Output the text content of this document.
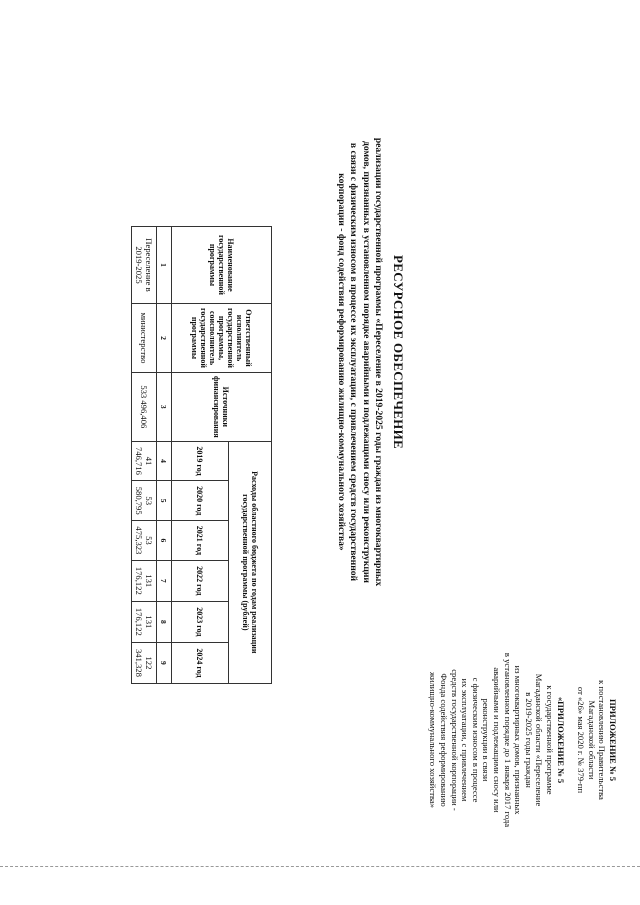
ПРИЛОЖЕНИЕ № 5
к постановлению Правительства
Магаданской области
от «26» мая 2020 г. № 379-пп
«ПРИЛОЖЕНИЕ № 5
к государственной программе
Магаданской области «Переселение
в 2019-2025 годы граждан
из многоквартирных домов, признанных
в установленном порядке до 1 января 2017 года
аварийными и подлежащими сносу или
реконструкции в связи
с физическим износом в процессе
их эксплуатации, с привлечением
средств государственной корпорации -
Фонда содействия реформированию
жилищно-коммунального хозяйства»
РЕСУРСНОЕ ОБЕСПЕЧЕНИЕ
реализации государственной программы «Переселение в 2019-2025 годы граждан из многоквартирных
домов, признанных в установленном порядке аварийными и подлежащими сносу или реконструкции
в связи с физическим износом в процессе их эксплуатации, с привлечением средств государственной
корпорации - фонд содействия реформированию жилищно-коммунального хозяйства»
Наименование государственной программы	Ответственный исполнитель государственной программы, соисполнитель государственной программы	Источники финансирования	Расходы областного бюджета по годам реализации государственной программы (рублей)					
			2019 год	2020 год	2021 год	2022 год	2023 год	2024 год
1	2	3	4	5	6	7	8	9
Переселение в 2019-2025	министерство	533 496,406	41 746,716	53 580,795	53 475,323	131 176,122	131 176,122	122 341,328
